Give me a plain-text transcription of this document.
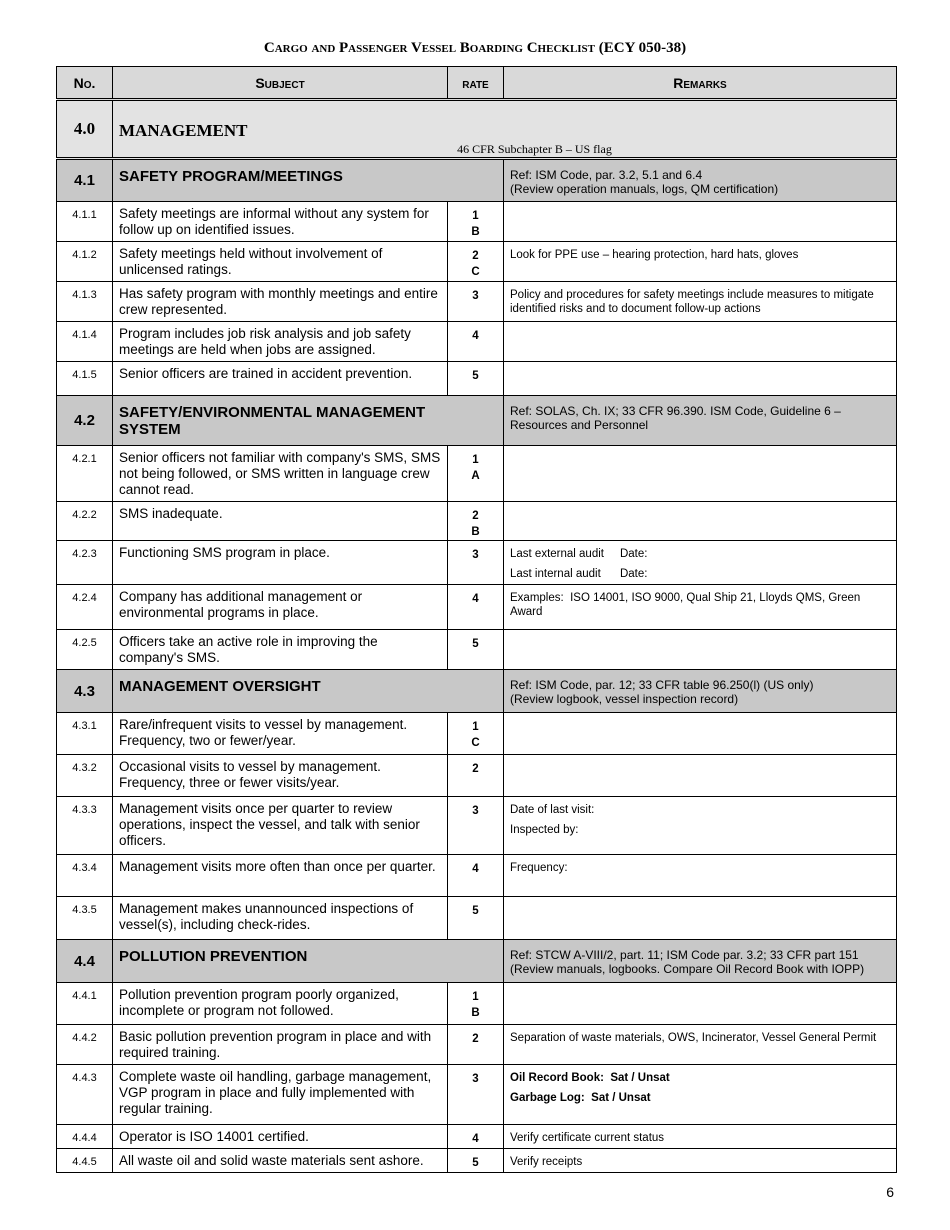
Cargo and Passenger Vessel Boarding Checklist (ECY 050-38)
No.	Subject	rate	Remarks
4.0	MANAGEMENT
46 CFR Subchapter B – US flag		

4.1	SAFETY PROGRAM/MEETINGS		Ref: ISM Code, par. 3.2, 5.1 and 6.4
(Review operation manuals, logs, QM certification)

4.1.1	Safety meetings are informal without any system for follow up on identified issues.	1
B	

4.1.2	Safety meetings held without involvement of unlicensed ratings.	2
C	Look for PPE use – hearing protection, hard hats, gloves

4.1.3	Has safety program with monthly meetings and entire crew represented.	3	Policy and procedures for safety meetings include measures to mitigate identified risks and to document follow-up actions

4.1.4	Program includes job risk analysis and job safety meetings are held when jobs are assigned.	4	

4.1.5	Senior officers are trained in accident prevention.	5	

4.2	SAFETY/ENVIRONMENTAL MANAGEMENT SYSTEM		Ref: SOLAS, Ch. IX; 33 CFR 96.390. ISM Code, Guideline 6 – Resources and Personnel

4.2.1	Senior officers not familiar with company's SMS, SMS not being followed, or SMS written in language crew cannot read.	1
A	

4.2.2	SMS inadequate.	2
B	

4.2.3	Functioning SMS program in place.	3	Last external audit     Date:
Last internal audit      Date:

4.2.4	Company has additional management or environmental programs in place.	4	Examples:  ISO 14001, ISO 9000, Qual Ship 21, Lloyds QMS, Green Award

4.2.5	Officers take an active role in improving the company's SMS.	5	

4.3	MANAGEMENT OVERSIGHT		Ref: ISM Code, par. 12; 33 CFR table 96.250(l) (US only)
(Review logbook, vessel inspection record)

4.3.1	Rare/infrequent visits to vessel by management. Frequency, two or fewer/year.	1
C	

4.3.2	Occasional visits to vessel by management. Frequency, three or fewer visits/year.	2	

4.3.3	Management visits once per quarter to review operations, inspect the vessel, and talk with senior officers.	3	Date of last visit:
Inspected by:

4.3.4	Management visits more often than once per quarter.	4	Frequency:

4.3.5	Management makes unannounced inspections of vessel(s), including check-rides.	5	

4.4	POLLUTION PREVENTION		Ref: STCW A-VIII/2, part. 11; ISM Code par. 3.2; 33 CFR part 151
(Review manuals, logbooks. Compare Oil Record Book with IOPP)

4.4.1	Pollution prevention program poorly organized, incomplete or program not followed.	1
B	

4.4.2	Basic pollution prevention program in place and with required training.	2	Separation of waste materials, OWS, Incinerator, Vessel General Permit

4.4.3	Complete waste oil handling, garbage management, VGP program in place and fully implemented with regular training.	3	Oil Record Book:  Sat / Unsat
Garbage Log:  Sat / Unsat

4.4.4	Operator is ISO 14001 certified.	4	Verify certificate current status

4.4.5	All waste oil and solid waste materials sent ashore.	5	Verify receipts
6
